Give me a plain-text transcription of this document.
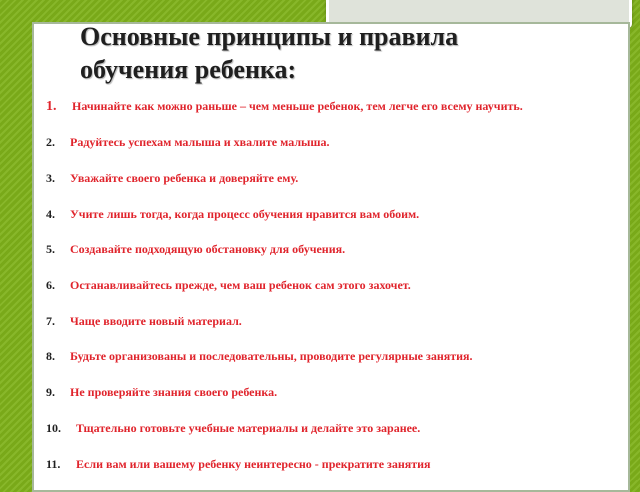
Основные принципы и правила
обучения ребенка:
1. Начинайте как можно раньше – чем меньше ребенок, тем легче его всему научить.
2. Радуйтесь успехам малыша и хвалите малыша.
3. Уважайте своего ребенка и доверяйте ему.
4. Учите лишь тогда, когда процесс обучения нравится вам обоим.
5. Создавайте подходящую обстановку для обучения.
6. Останавливайтесь прежде, чем ваш ребенок сам этого захочет.
7. Чаще вводите новый материал.
8. Будьте организованы и последовательны, проводите регулярные занятия.
9. Не проверяйте знания своего ребенка.
10. Тщательно готовьте учебные материалы и делайте это заранее.
11. Если вам или вашему ребенку неинтересно - прекратите занятия
